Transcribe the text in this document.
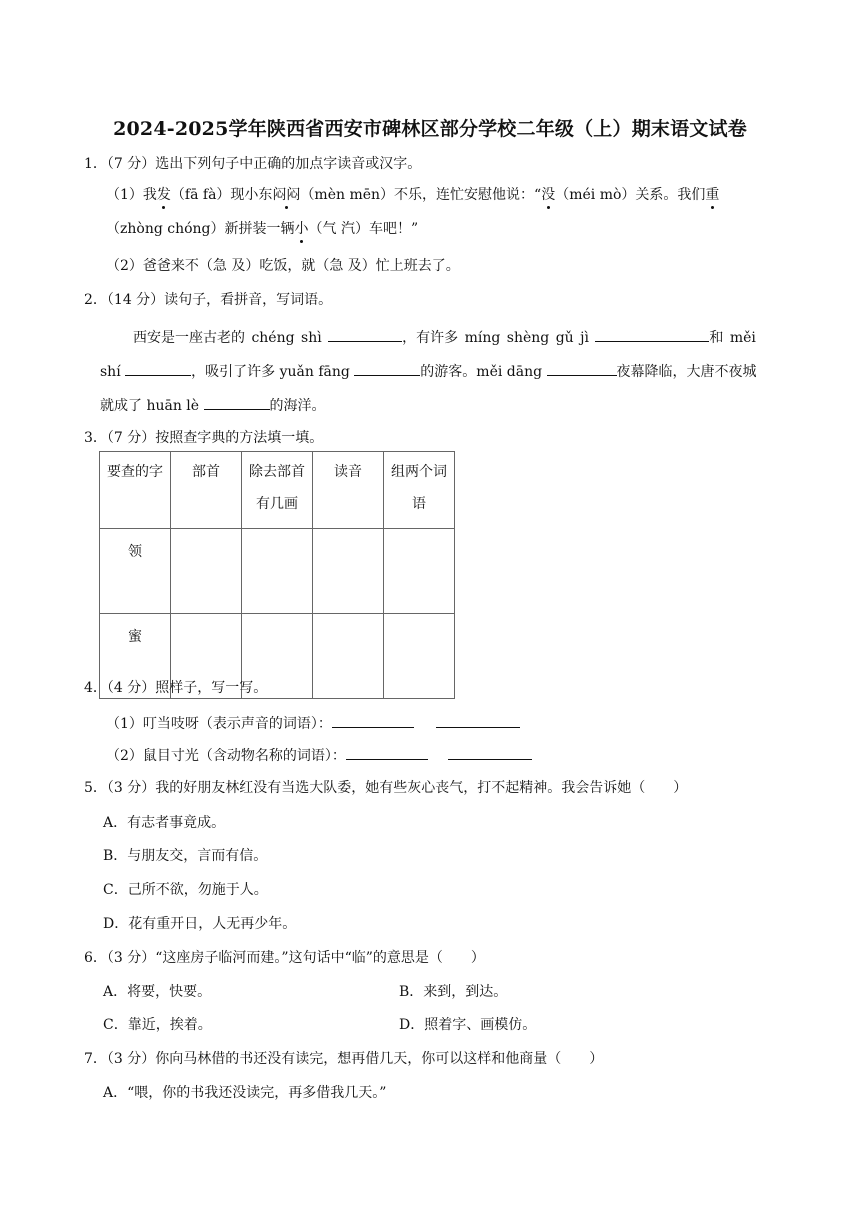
2024-2025学年陕西省西安市碑林区部分学校二年级（上）期末语文试卷
1．（7 分）选出下列句子中正确的加点字读音或汉字。
（1）我发（fā fà）现小东闷闷（mèn mēn）不乐，连忙安慰他说：“没（méi mò）关系。我们重
（zhòng chóng）新拼装一辆小（气 汽）车吧！”
（2）爸爸来不（急 及）吃饭，就（急 及）忙上班去了。
2．（14 分）读句子，看拼音，写词语。
西安是一座古老的 chéng shì	，有许多 míng shèng gǔ jì	和 měi
shí	，吸引了许多 yuǎn fāng	的游客。měi dāng	夜幕降临，大唐不夜城
就成了 huān lè	的海洋。
3．（7 分）按照查字典的方法填一填。
要查的字	部首	除去部首有几画	读音	组两个词语
领				
蜜				
4．（4 分）照样子，写一写。
（1）叮当吱呀（表示声音的词语）：
（2）鼠目寸光（含动物名称的词语）：
5．（3 分）我的好朋友林红没有当选大队委，她有些灰心丧气，打不起精神。我会告诉她（　　）
A．有志者事竟成。
B．与朋友交，言而有信。
C．己所不欲，勿施于人。
D．花有重开日，人无再少年。
6．（3 分）“这座房子临河而建。”这句话中“临”的意思是（　　）
A．将要，快要。	B．来到，到达。
C．靠近，挨着。	D．照着字、画模仿。
7．（3 分）你向马林借的书还没有读完，想再借几天，你可以这样和他商量（　　）
A．“喂，你的书我还没读完，再多借我几天。”
